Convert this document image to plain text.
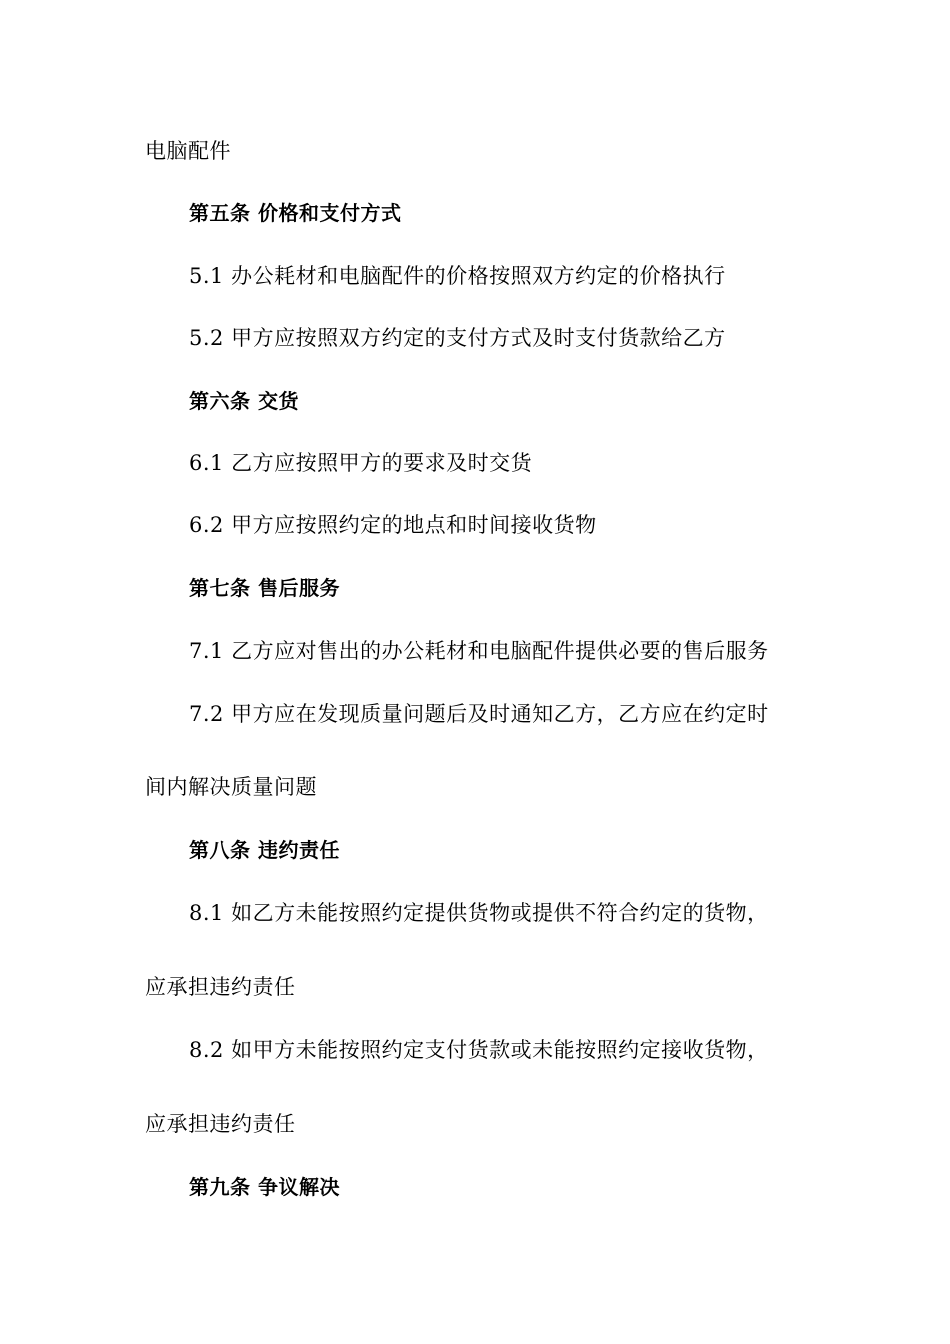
电脑配件
第五条 价格和支付方式
5.1 办公耗材和电脑配件的价格按照双方约定的价格执行
5.2 甲方应按照双方约定的支付方式及时支付货款给乙方
第六条 交货
6.1 乙方应按照甲方的要求及时交货
6.2 甲方应按照约定的地点和时间接收货物
第七条 售后服务
7.1 乙方应对售出的办公耗材和电脑配件提供必要的售后服务
7.2 甲方应在发现质量问题后及时通知乙方，乙方应在约定时
间内解决质量问题
第八条 违约责任
8.1 如乙方未能按照约定提供货物或提供不符合约定的货物，
应承担违约责任
8.2 如甲方未能按照约定支付货款或未能按照约定接收货物，
应承担违约责任
第九条 争议解决
